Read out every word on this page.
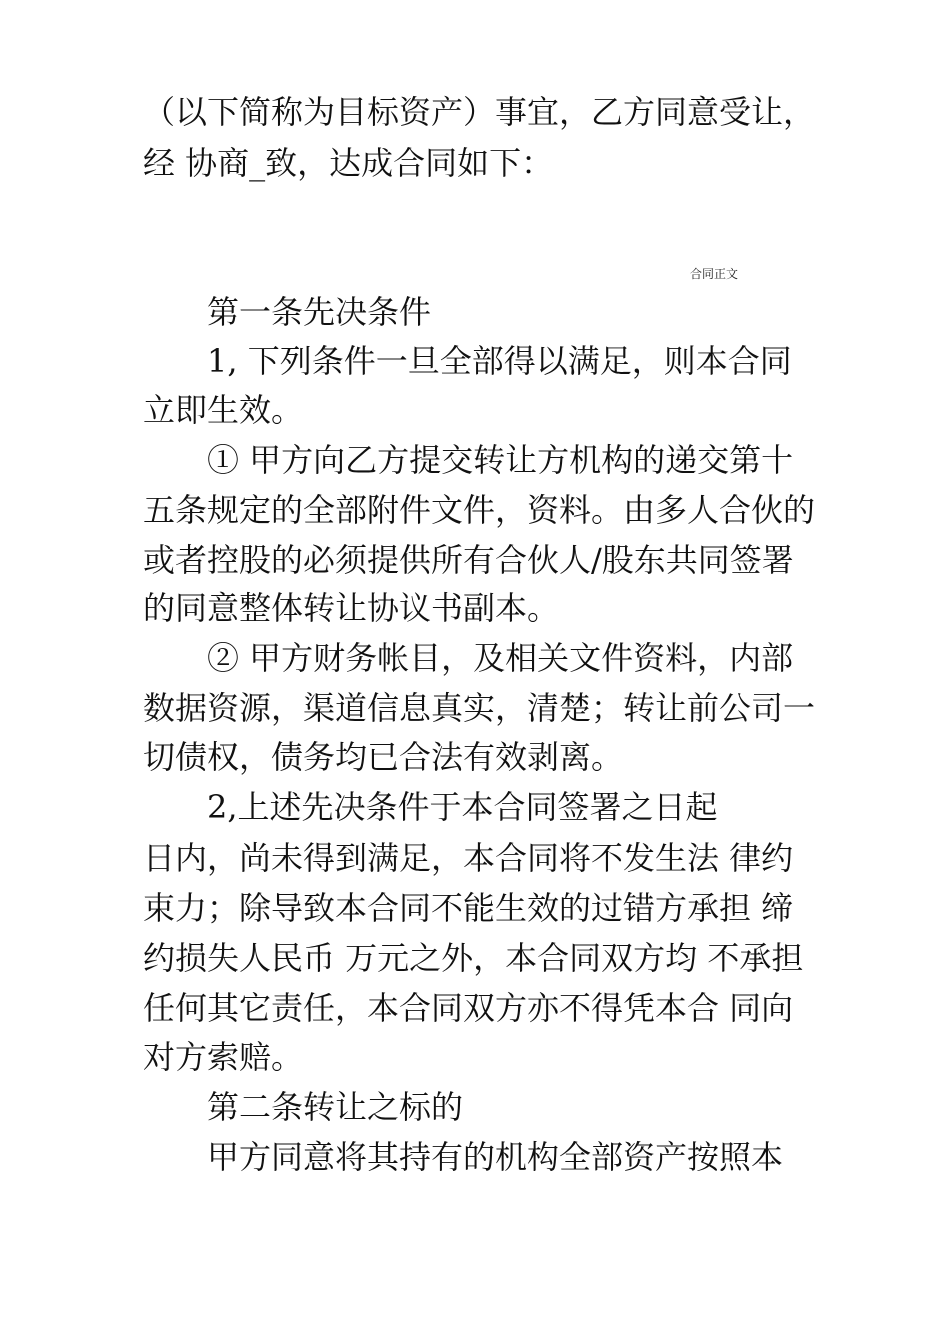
（以下简称为目标资产）事宜，乙方同意受让，
经 协商_致，达成合同如下：
合同正文
第一条先决条件
1, 下列条件一旦全部得以满足，则本合同
立即生效。
① 甲方向乙方提交转让方机构的递交第十
五条规定的全部附件文件，资料。由多人合伙的
或者控股的必须提供所有合伙人/股东共同签署
的同意整体转让协议书副本。
② 甲方财务帐目，及相关文件资料，内部
数据资源，渠道信息真实，清楚；转让前公司一
切债权，债务均已合法有效剥离。
2,上述先决条件于本合同签署之日起
日内，尚未得到满足，本合同将不发生法 律约
束力；除导致本合同不能生效的过错方承担 缔
约损失人民币 万元之外，本合同双方均 不承担
任何其它责任，本合同双方亦不得凭本合 同向
对方索赔。
第二条转让之标的
甲方同意将其持有的机构全部资产按照本
